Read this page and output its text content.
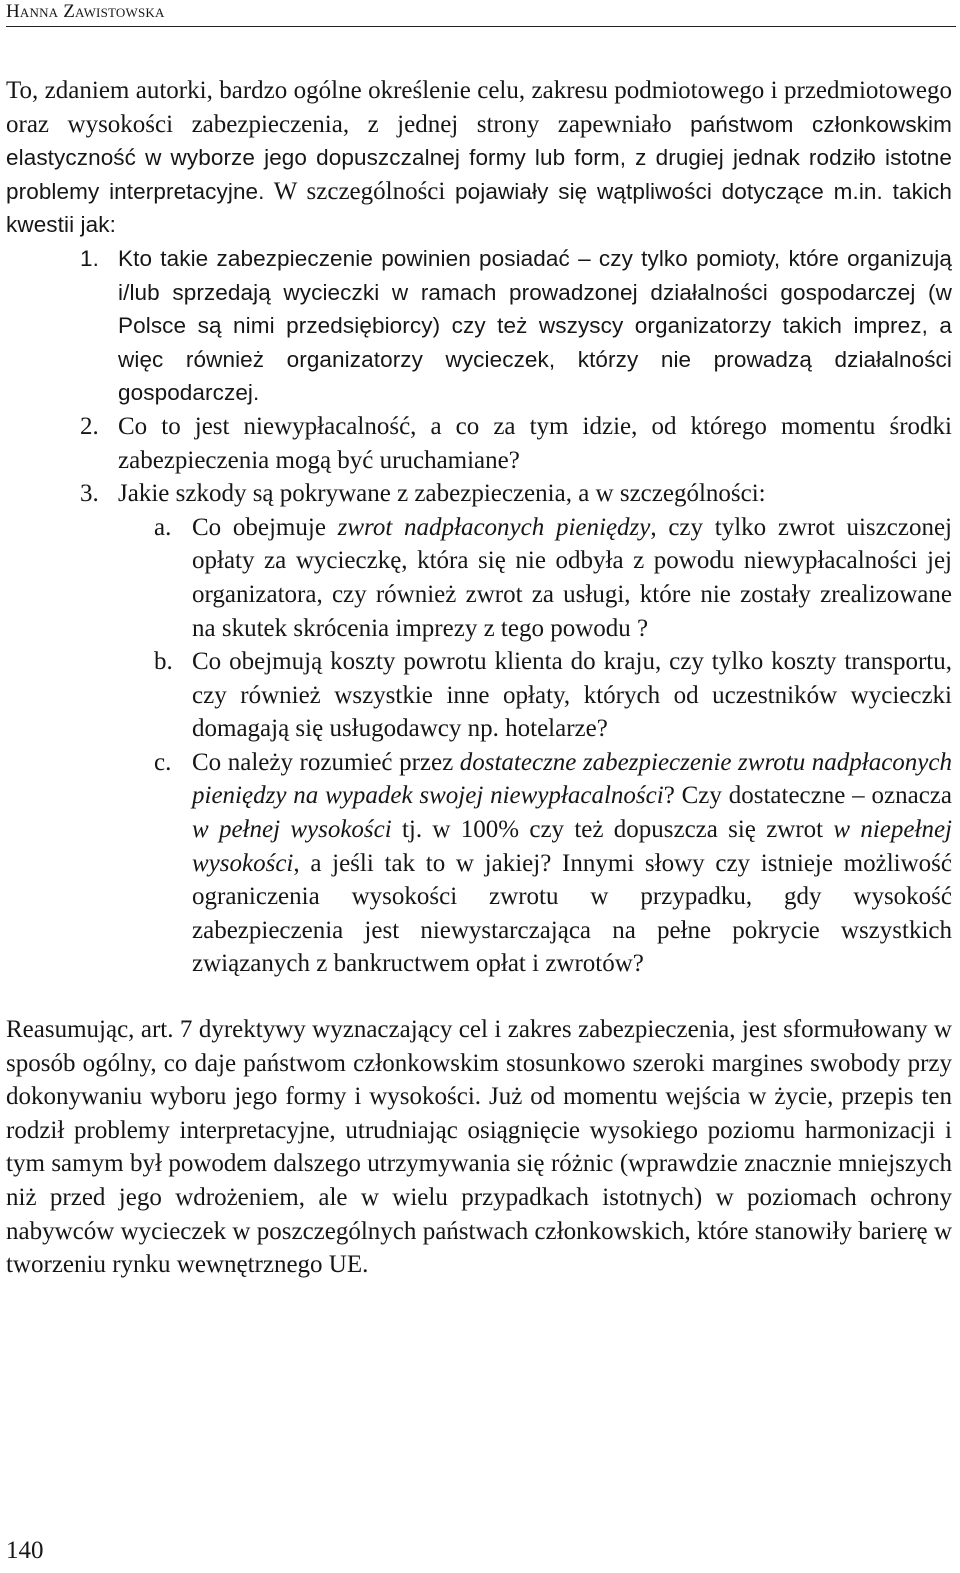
Hanna Zawistowska

To, zdaniem autorki, bardzo ogólne określenie celu, zakresu podmiotowego i przedmiotowego oraz wysokości zabezpieczenia, z jednej strony zapewniało państwom członkowskim elastyczność w wyborze jego dopuszczalnej formy lub form, z drugiej jednak rodziło istotne problemy interpretacyjne. W szczególności pojawiały się wątpliwości dotyczące m.in. takich kwestii jak:

1. Kto takie zabezpieczenie powinien posiadać – czy tylko pomioty, które organizują i/lub sprzedają wycieczki w ramach prowadzonej działalności gospodarczej (w Polsce są nimi przedsiębiorcy) czy też wszyscy organizatorzy takich imprez, a więc również organizatorzy wycieczek, którzy nie prowadzą działalności gospodarczej.
2. Co to jest niewypłacalność, a co za tym idzie, od którego momentu środki zabezpieczenia mogą być uruchamiane?
3. Jakie szkody są pokrywane z zabezpieczenia, a w szczególności:
a. Co obejmuje zwrot nadpłaconych pieniędzy, czy tylko zwrot uiszczonej opłaty za wycieczkę, która się nie odbyła z powodu niewypłacalności jej organizatora, czy również zwrot za usługi, które nie zostały zrealizowane na skutek skrócenia imprezy z tego powodu ?
b. Co obejmują koszty powrotu klienta do kraju, czy tylko koszty transportu, czy również wszystkie inne opłaty, których od uczestników wycieczki domagają się usługodawcy np. hotelarze?
c. Co należy rozumieć przez dostateczne zabezpieczenie zwrotu nadpłaconych pieniędzy na wypadek swojej niewypłacalności? Czy dostateczne – oznacza w pełnej wysokości tj. w 100% czy też dopuszcza się zwrot w niepełnej wysokości, a jeśli tak to w jakiej? Innymi słowy czy istnieje możliwość ograniczenia wysokości zwrotu w przypadku, gdy wysokość zabezpieczenia jest niewystarczająca na pełne pokrycie wszystkich związanych z bankructwem opłat i zwrotów?

Reasumując, art. 7 dyrektywy wyznaczający cel i zakres zabezpieczenia, jest sformułowany w sposób ogólny, co daje państwom członkowskim stosunkowo szeroki margines swobody przy dokonywaniu wyboru jego formy i wysokości. Już od momentu wejścia w życie, przepis ten rodził problemy interpretacyjne, utrudniając osiągnięcie wysokiego poziomu harmonizacji i tym samym był powodem dalszego utrzymywania się różnic (wprawdzie znacznie mniejszych niż przed jego wdrożeniem, ale w wielu przypadkach istotnych) w poziomach ochrony nabywców wycieczek w poszczególnych państwach członkowskich, które stanowiły barierę w tworzeniu rynku wewnętrznego UE.

140
